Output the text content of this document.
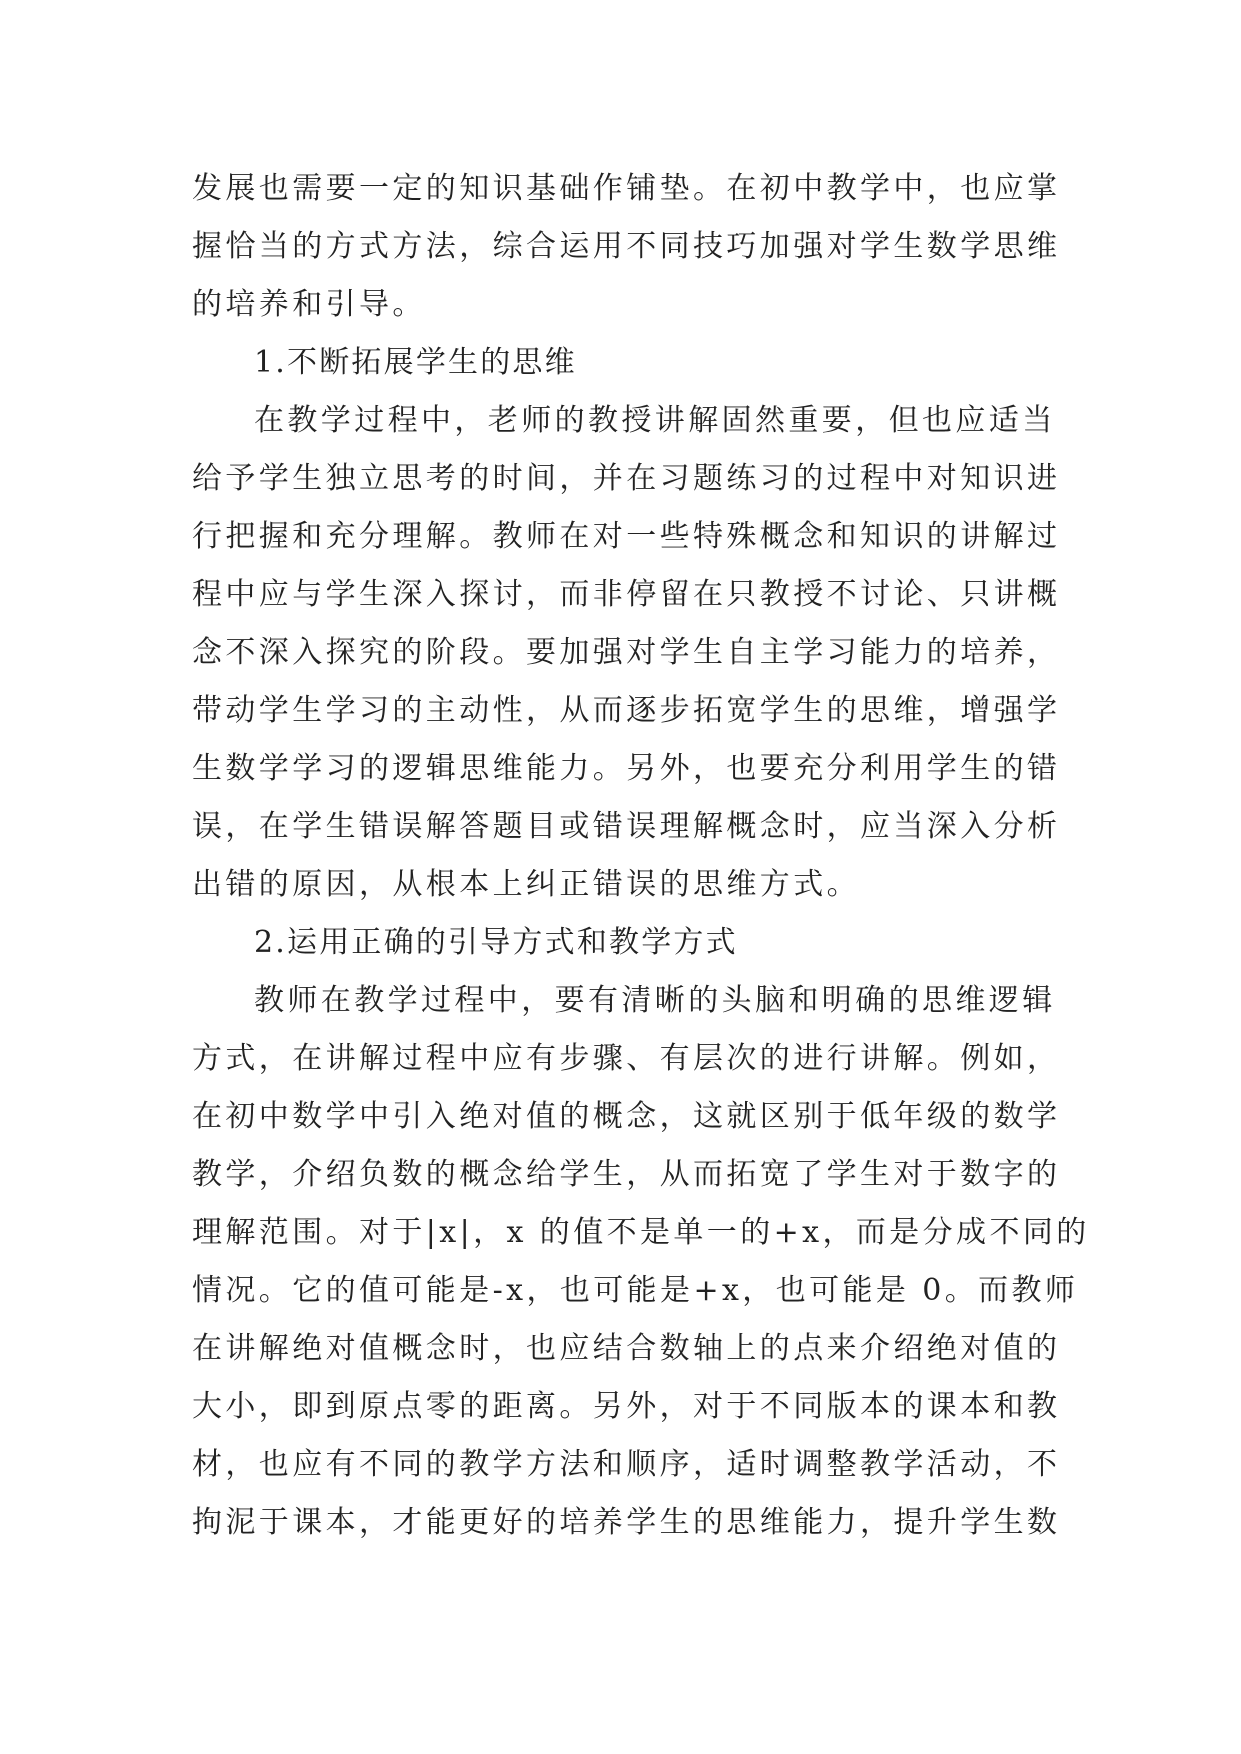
发展也需要一定的知识基础作铺垫。在初中教学中，也应掌
握恰当的方式方法，综合运用不同技巧加强对学生数学思维
的培养和引导。
1.不断拓展学生的思维
在教学过程中，老师的教授讲解固然重要，但也应适当
给予学生独立思考的时间，并在习题练习的过程中对知识进
行把握和充分理解。教师在对一些特殊概念和知识的讲解过
程中应与学生深入探讨，而非停留在只教授不讨论、只讲概
念不深入探究的阶段。要加强对学生自主学习能力的培养，
带动学生学习的主动性，从而逐步拓宽学生的思维，增强学
生数学学习的逻辑思维能力。另外，也要充分利用学生的错
误，在学生错误解答题目或错误理解概念时，应当深入分析
出错的原因，从根本上纠正错误的思维方式。
2.运用正确的引导方式和教学方式
教师在教学过程中，要有清晰的头脑和明确的思维逻辑
方式，在讲解过程中应有步骤、有层次的进行讲解。例如，
在初中数学中引入绝对值的概念，这就区别于低年级的数学
教学，介绍负数的概念给学生，从而拓宽了学生对于数字的
理解范围。对于|x|，x 的值不是单一的+x，而是分成不同的
情况。它的值可能是-x，也可能是+x，也可能是 0。而教师
在讲解绝对值概念时，也应结合数轴上的点来介绍绝对值的
大小，即到原点零的距离。另外，对于不同版本的课本和教
材，也应有不同的教学方法和顺序，适时调整教学活动，不
拘泥于课本，才能更好的培养学生的思维能力，提升学生数
